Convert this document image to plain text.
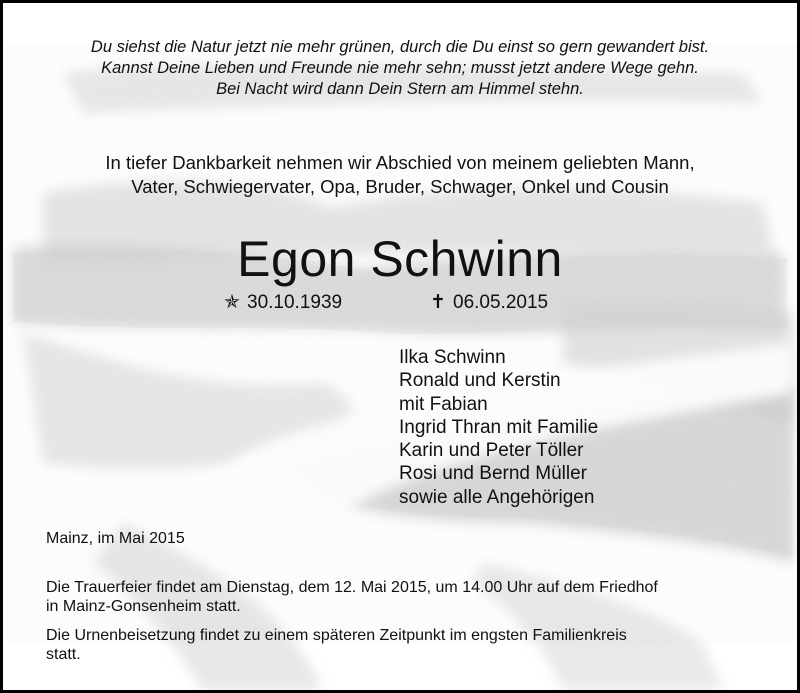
Du siehst die Natur jetzt nie mehr grünen, durch die Du einst so gern gewandert bist.
Kannst Deine Lieben und Freunde nie mehr sehn; musst jetzt andere Wege gehn.
Bei Nacht wird dann Dein Stern am Himmel stehn.
In tiefer Dankbarkeit nehmen wir Abschied von meinem geliebten Mann,
Vater, Schwiegervater, Opa, Bruder, Schwager, Onkel und Cousin
Egon Schwinn
✯ 30.10.1939	✝ 06.05.2015
Ilka Schwinn
Ronald und Kerstin
mit Fabian
Ingrid Thran mit Familie
Karin und Peter Töller
Rosi und Bernd Müller
sowie alle Angehörigen
Mainz, im Mai 2015
Die Trauerfeier findet am Dienstag, dem 12. Mai 2015, um 14.00 Uhr auf dem Friedhof
in Mainz-Gonsenheim statt.
Die Urnenbeisetzung findet zu einem späteren Zeitpunkt im engsten Familienkreis
statt.
